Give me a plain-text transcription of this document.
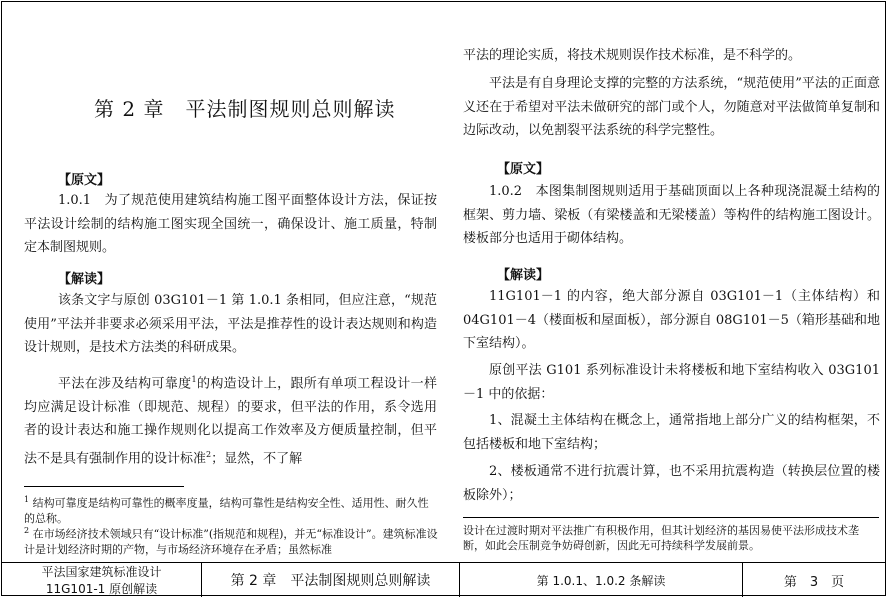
第 2 章　平法制图规则总则解读
【原文】
1.0.1　为了规范使用建筑结构施工图平面整体设计方法，保证按平法设计绘制的结构施工图实现全国统一，确保设计、施工质量，特制定本制图规则。
【解读】
该条文字与原创 03G101－1 第 1.0.1 条相同，但应注意，“规范使用”平法并非要求必须采用平法，平法是推荐性的设计表达规则和构造设计规则，是技术方法类的科研成果。
平法在涉及结构可靠度$^1$的构造设计上，跟所有单项工程设计一样均应满足设计标准（即规范、规程）的要求，但平法的作用，系令选用者的设计表达和施工操作规则化以提高工作效率及方便质量控制，但平法不是具有强制作用的设计标准$^2$；显然，不了解
$^1$ 结构可靠度是结构可靠性的概率度量，结构可靠性是结构安全性、适用性、耐久性的总称。
$^2$ 在市场经济技术领域只有“设计标准”(指规范和规程)，并无“标准设计”。建筑标准设计是计划经济时期的产物，与市场经济环境存在矛盾；虽然标准
平法的理论实质，将技术规则误作技术标准，是不科学的。
平法是有自身理论支撑的完整的方法系统，“规范使用”平法的正面意义还在于希望对平法未做研究的部门或个人，勿随意对平法做简单复制和边际改动，以免割裂平法系统的科学完整性。
【原文】
1.0.2　本图集制图规则适用于基础顶面以上各种现浇混凝土结构的框架、剪力墙、梁板（有梁楼盖和无梁楼盖）等构件的结构施工图设计。楼板部分也适用于砌体结构。
【解读】
11G101－1 的内容，绝大部分源自 03G101－1（主体结构）和 04G101－4（楼面板和屋面板），部分源自 08G101－5（箱形基础和地下室结构）。
原创平法 G101 系列标准设计未将楼板和地下室结构收入 03G101－1 中的依据：
1、混凝土主体结构在概念上，通常指地上部分广义的结构框架，不包括楼板和地下室结构；
2、楼板通常不进行抗震计算，也不采用抗震构造（转换层位置的楼板除外）；
设计在过渡时期对平法推广有积极作用，但其计划经济的基因易使平法形成技术垄断，如此会压制竞争妨碍创新，因此无可持续科学发展前景。
平法国家建筑标准设计
11G101-1 原创解读	第 2 章　平法制图规则总则解读	第 1.0.1、1.0.2 条解读	第　3　页
